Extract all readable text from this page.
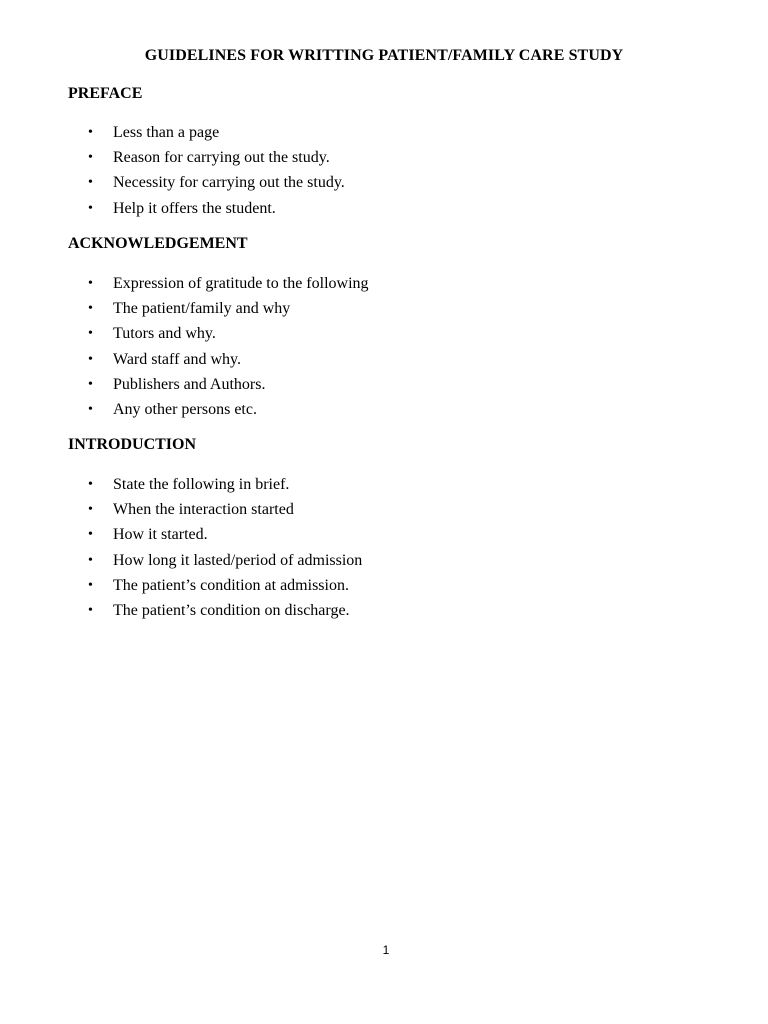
GUIDELINES FOR WRITTING PATIENT/FAMILY CARE STUDY
PREFACE
• Less than a page
• Reason for carrying out the study.
• Necessity for carrying out the study.
• Help it offers the student.
ACKNOWLEDGEMENT
• Expression of gratitude to the following
• The patient/family and why
• Tutors and why.
• Ward staff and why.
• Publishers and Authors.
• Any other persons etc.
INTRODUCTION
• State the following in brief.
• When the interaction started
• How it started.
• How long it lasted/period of admission
• The patient’s condition at admission.
• The patient’s condition on discharge.
1
